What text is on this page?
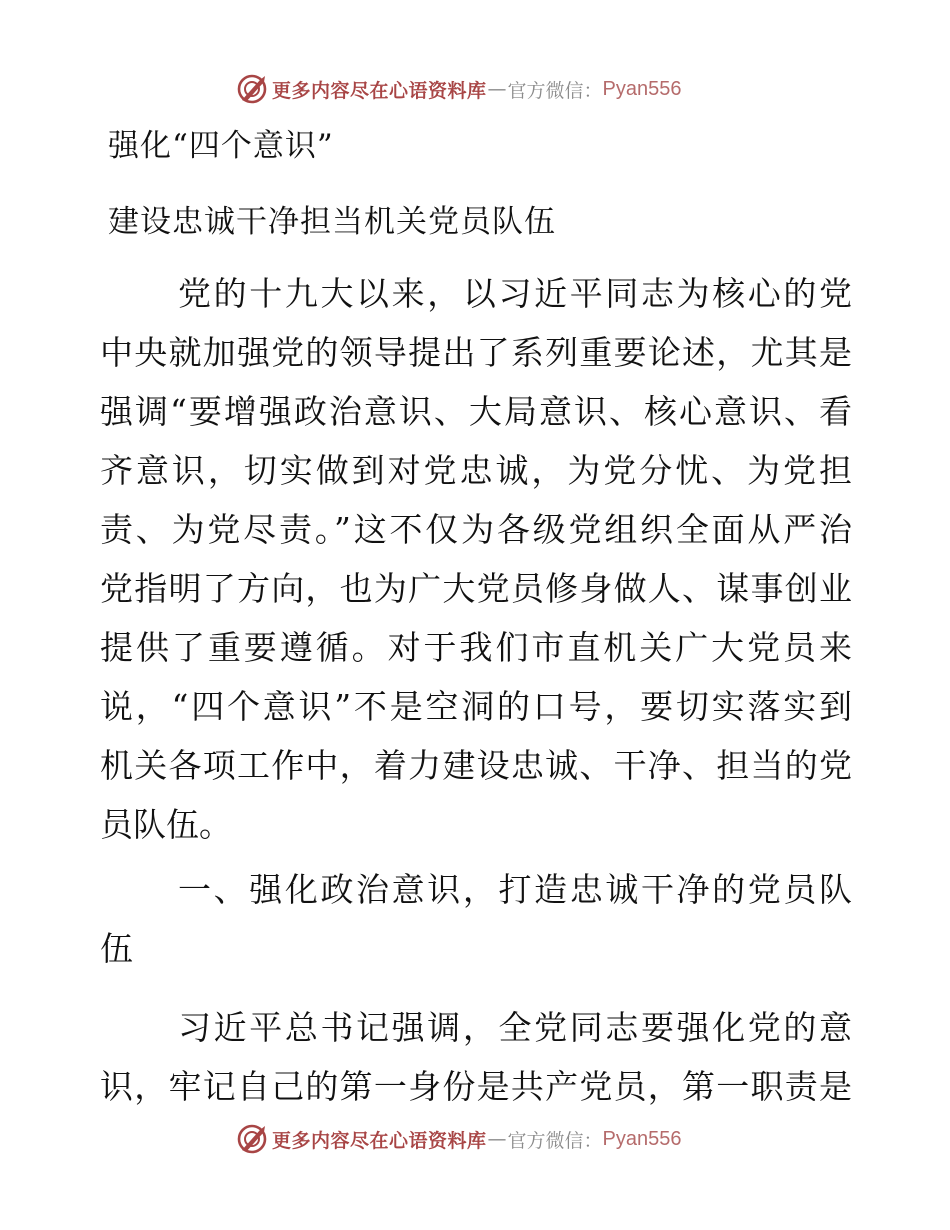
更多内容尽在心语资料库 — 官方微信： Pyan556
强化“四个意识”
建设忠诚干净担当机关党员队伍
党的十九大以来，以习近平同志为核心的党
中央就加强党的领导提出了系列重要论述，尤其是
强调“要增强政治意识、大局意识、核心意识、看
齐意识，切实做到对党忠诚，为党分忧、为党担
责、为党尽责。”这不仅为各级党组织全面从严治
党指明了方向，也为广大党员修身做人、谋事创业
提供了重要遵循。对于我们市直机关广大党员来
说，“四个意识”不是空洞的口号，要切实落实到
机关各项工作中，着力建设忠诚、干净、担当的党
员队伍。
一、强化政治意识，打造忠诚干净的党员队
伍
习近平总书记强调，全党同志要强化党的意
识，牢记自己的第一身份是共产党员，第一职责是
更多内容尽在心语资料库 — 官方微信： Pyan556
